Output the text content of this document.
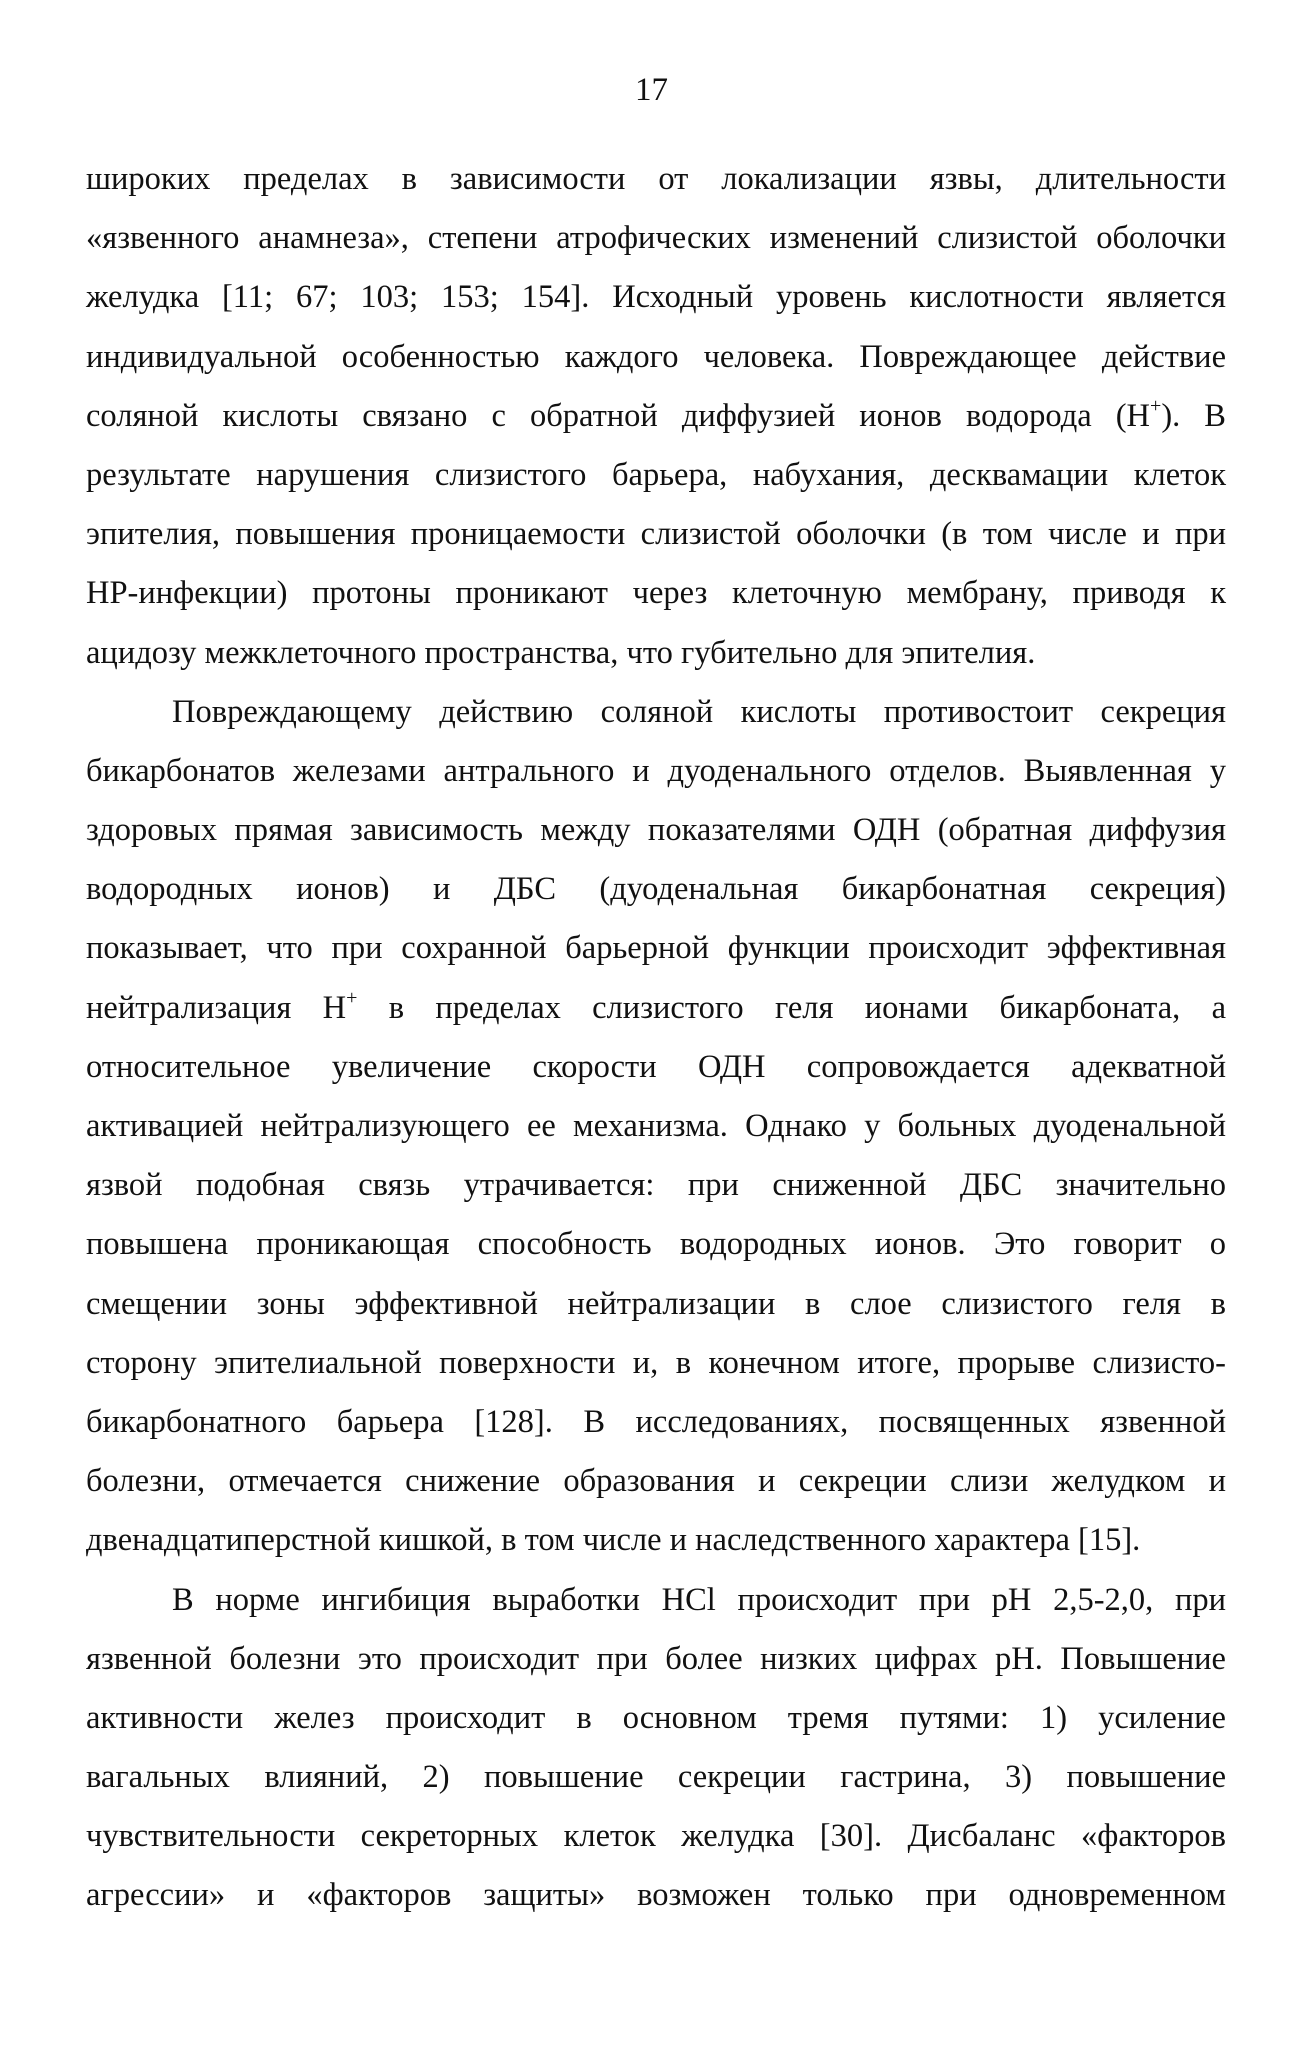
17

широких пределах в зависимости от локализации язвы, длительности
«язвенного анамнеза», степени атрофических изменений слизистой оболочки
желудка [11; 67; 103; 153; 154]. Исходный уровень кислотности является
индивидуальной особенностью каждого человека. Повреждающее действие
соляной кислоты связано с обратной диффузией ионов водорода (H+). В
результате нарушения слизистого барьера, набухания, десквамации клеток
эпителия, повышения проницаемости слизистой оболочки (в том числе и при
HP-инфекции) протоны проникают через клеточную мембрану, приводя к
ацидозу межклеточного пространства, что губительно для эпителия.

Повреждающему действию соляной кислоты противостоит секреция
бикарбонатов железами антрального и дуоденального отделов. Выявленная у
здоровых прямая зависимость между показателями ОДН (обратная диффузия
водородных ионов) и ДБС (дуоденальная бикарбонатная секреция)
показывает, что при сохранной барьерной функции происходит эффективная
нейтрализация H+ в пределах слизистого геля ионами бикарбоната, а
относительное увеличение скорости ОДН сопровождается адекватной
активацией нейтрализующего ее механизма. Однако у больных дуоденальной
язвой подобная связь утрачивается: при сниженной ДБС значительно
повышена проникающая способность водородных ионов. Это говорит о
смещении зоны эффективной нейтрализации в слое слизистого геля в
сторону эпителиальной поверхности и, в конечном итоге, прорыве слизисто-
бикарбонатного барьера [128]. В исследованиях, посвященных язвенной
болезни, отмечается снижение образования и секреции слизи желудком и
двенадцатиперстной кишкой, в том числе и наследственного характера [15].

В норме ингибиция выработки HCl происходит при pH 2,5-2,0, при
язвенной болезни это происходит при более низких цифрах pH. Повышение
активности желез происходит в основном тремя путями: 1) усиление
вагальных влияний, 2) повышение секреции гастрина, 3) повышение
чувствительности секреторных клеток желудка [30]. Дисбаланс «факторов
агрессии» и «факторов защиты» возможен только при одновременном
